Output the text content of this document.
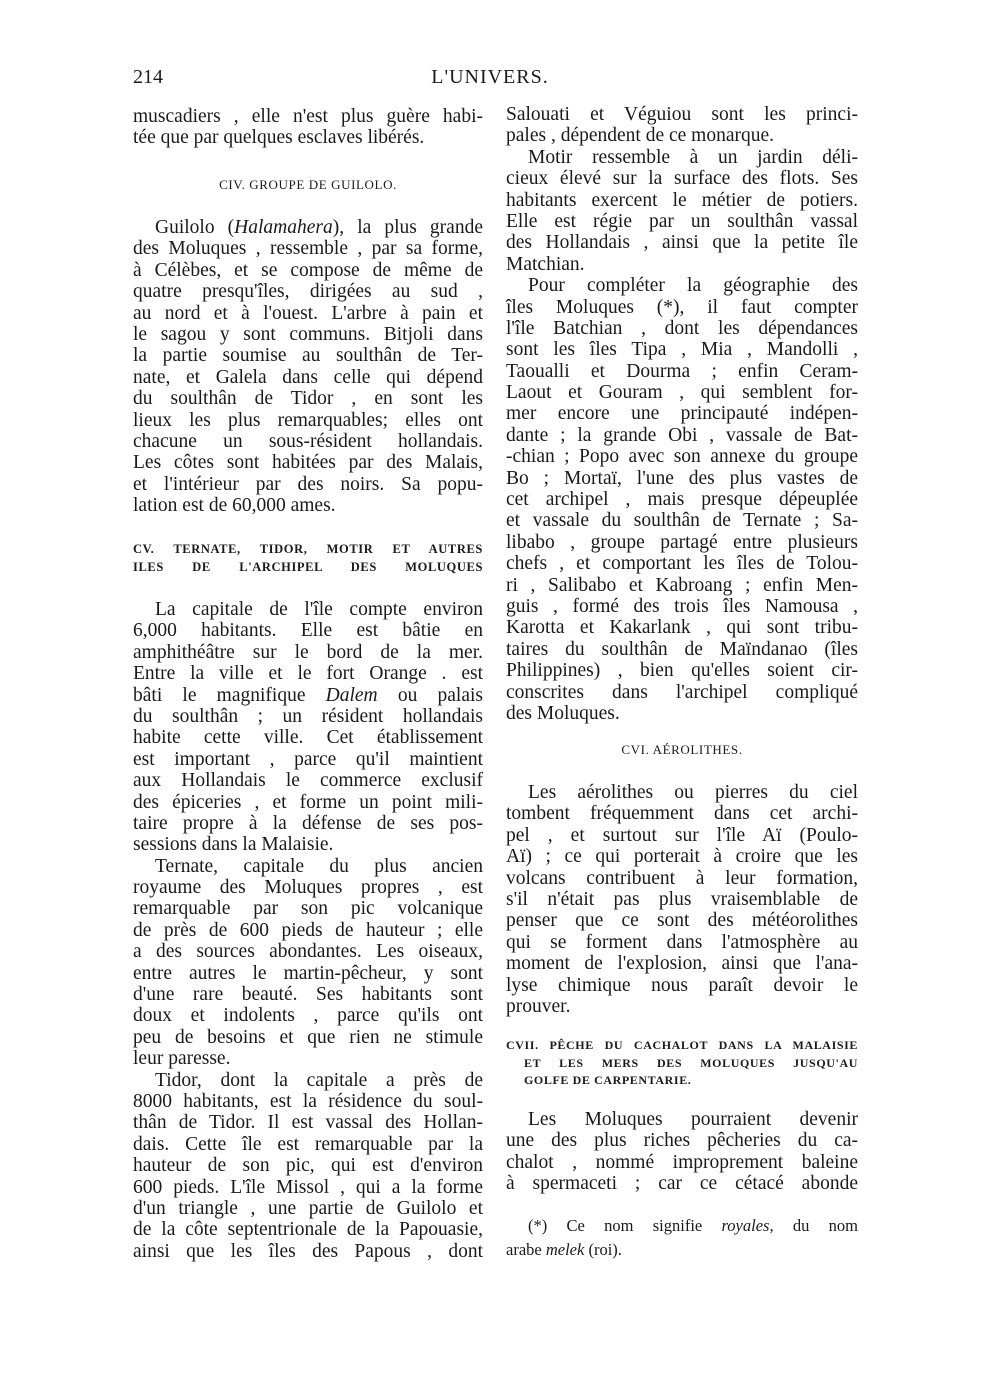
214	L'UNIVERS.
muscadiers , elle n'est plus guère habi-
tée que par quelques esclaves libérés.
CIV. GROUPE DE GUILOLO.
Guilolo (Halamahera), la plus grande
des Moluques , ressemble , par sa forme,
à Célèbes, et se compose de même de
quatre presqu'îles, dirigées au sud ,
au nord et à l'ouest. L'arbre à pain et
le sagou y sont communs. Bitjoli dans
la partie soumise au soulthân de Ter-
nate, et Galela dans celle qui dépend
du soulthân de Tidor , en sont les
lieux les plus remarquables; elles ont
chacune un sous-résident hollandais.
Les côtes sont habitées par des Malais,
et l'intérieur par des noirs. Sa popu-
lation est de 60,000 ames.
CV. TERNATE, TIDOR, MOTIR ET AUTRES
ILES DE L'ARCHIPEL DES MOLUQUES
La capitale de l'île compte environ
6,000 habitants. Elle est bâtie en
amphithéâtre sur le bord de la mer.
Entre la ville et le fort Orange . est
bâti le magnifique Dalem ou palais
du soulthân ; un résident hollandais
habite cette ville. Cet établissement
est important , parce qu'il maintient
aux Hollandais le commerce exclusif
des épiceries , et forme un point mili-
taire propre à la défense de ses pos-
sessions dans la Malaisie.
Ternate, capitale du plus ancien
royaume des Moluques propres , est
remarquable par son pic volcanique
de près de 600 pieds de hauteur ; elle
a des sources abondantes. Les oiseaux,
entre autres le martin-pêcheur, y sont
d'une rare beauté. Ses habitants sont
doux et indolents , parce qu'ils ont
peu de besoins et que rien ne stimule
leur paresse.
Tidor, dont la capitale a près de
8000 habitants, est la résidence du soul-
thân de Tidor. Il est vassal des Hollan-
dais. Cette île est remarquable par la
hauteur de son pic, qui est d'environ
600 pieds. L'île Missol , qui a la forme
d'un triangle , une partie de Guilolo et
de la côte septentrionale de la Papouasie,
ainsi que les îles des Papous , dont
Salouati et Véguiou sont les princi-
pales , dépendent de ce monarque.
Motir ressemble à un jardin déli-
cieux élevé sur la surface des flots. Ses
habitants exercent le métier de potiers.
Elle est régie par un soulthân vassal
des Hollandais , ainsi que la petite île
Matchian.
Pour compléter la géographie des
îles Moluques (*), il faut compter
l'île Batchian , dont les dépendances
sont les îles Tipa , Mia , Mandolli ,
Taoualli et Dourma ; enfin Ceram-
Laout et Gouram , qui semblent for-
mer encore une principauté indépen-
dante ; la grande Obi , vassale de Bat-
-chian ; Popo avec son annexe du groupe
Bo ; Mortaï, l'une des plus vastes de
cet archipel , mais presque dépeuplée
et vassale du soulthân de Ternate ; Sa-
libabo , groupe partagé entre plusieurs
chefs , et comportant les îles de Tolou-
ri , Salibabo et Kabroang ; enfin Men-
guis , formé des trois îles Namousa ,
Karotta et Kakarlank , qui sont tribu-
taires du soulthân de Maïndanao (îles
Philippines) , bien qu'elles soient cir-
conscrites dans l'archipel compliqué
des Moluques.
CVI. AÉROLITHES.
Les aérolithes ou pierres du ciel
tombent fréquemment dans cet archi-
pel , et surtout sur l'île Aï (Poulo-
Aï) ; ce qui porterait à croire que les
volcans contribuent à leur formation,
s'il n'était pas plus vraisemblable de
penser que ce sont des météorolithes
qui se forment dans l'atmosphère au
moment de l'explosion, ainsi que l'ana-
lyse chimique nous paraît devoir le
prouver.
CVII. PÊCHE DU CACHALOT DANS LA MALAISIE
ET LES MERS DES MOLUQUES JUSQU'AU
GOLFE DE CARPENTARIE.
Les Moluques pourraient devenir
une des plus riches pêcheries du ca-
chalot , nommé improprement baleine
à spermaceti ; car ce cétacé abonde
(*) Ce nom signifie royales, du nom
arabe melek (roi).
